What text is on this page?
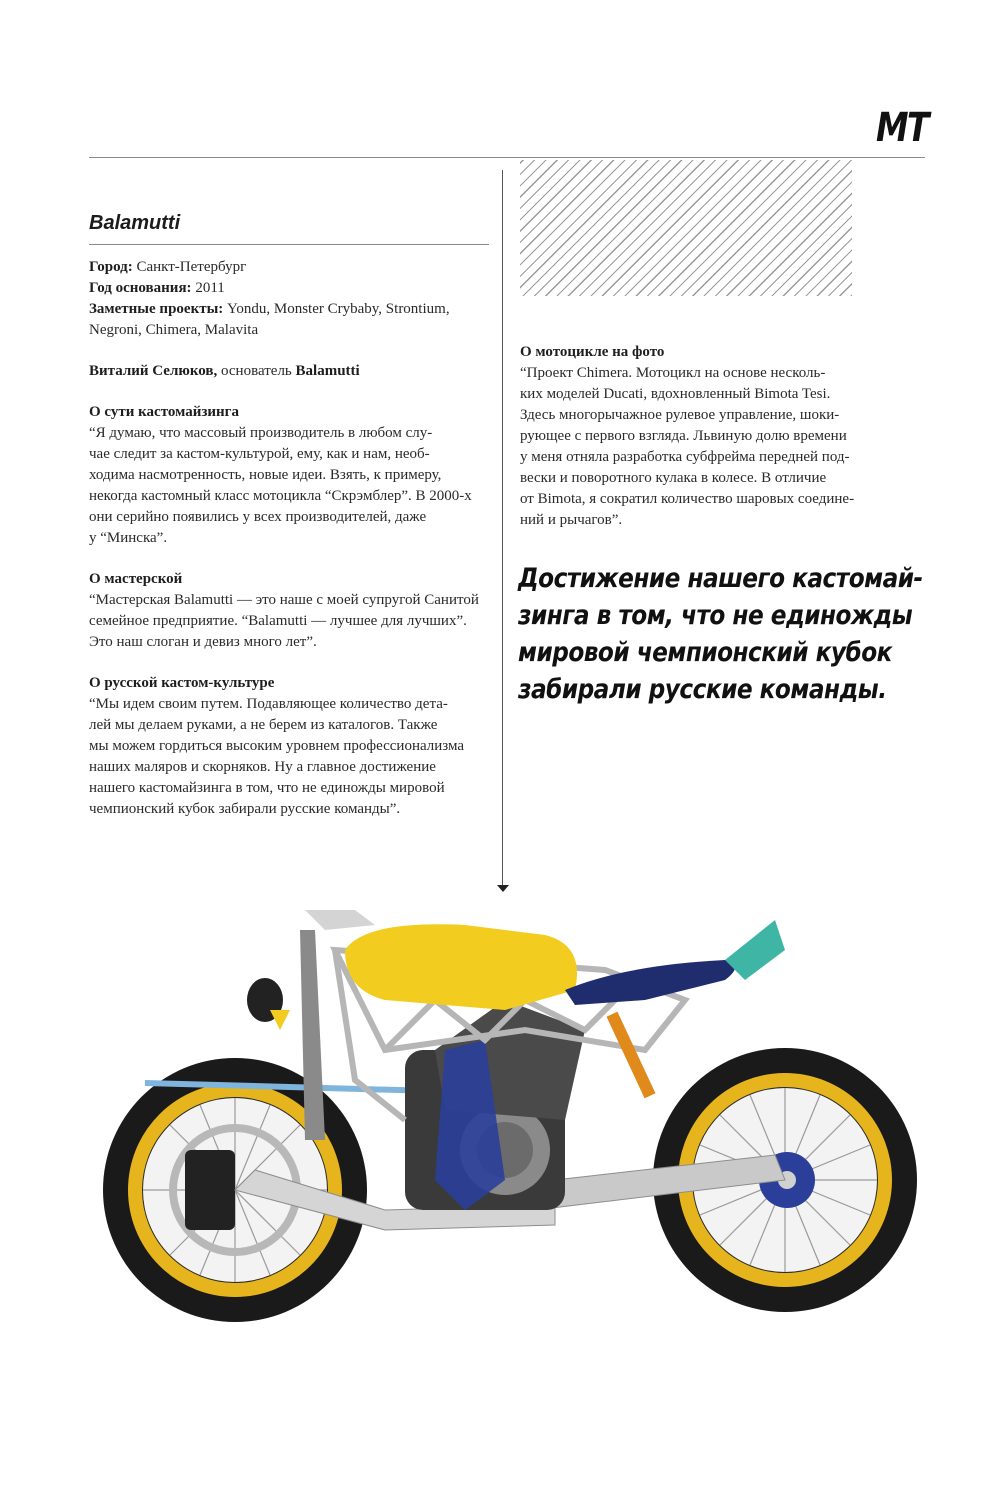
MT
Balamutti
Город: Санкт-Петербург
Год основания: 2011
Заметные проекты: Yondu, Monster Crybaby, Strontium,
Negroni, Chimera, Malavita
Виталий Селюков, основатель Balamutti
О сути кастомайзинга
“Я думаю, что массовый производитель в любом слу-
чае следит за кастом-культурой, ему, как и нам, необ-
ходима насмотренность, новые идеи. Взять, к примеру,
некогда кастомный класс мотоцикла “Скрэмблер”. В 2000-х
они серийно появились у всех производителей, даже
у “Минска”.
О мастерской
“Мастерская Balamutti — это наше с моей супругой Санитой
семейное предприятие. “Balamutti — лучшее для лучших”.
Это наш слоган и девиз много лет”.
О русской кастом-культуре
“Мы идем своим путем. Подавляющее количество дета-
лей мы делаем руками, а не берем из каталогов. Также
мы можем гордиться высоким уровнем профессионализма
наших маляров и скорняков. Ну а главное достижение
нашего кастомайзинга в том, что не единожды мировой
чемпионский кубок забирали русские команды”.
О мотоцикле на фото
“Проект Chimera. Мотоцикл на основе несколь-
ких моделей Ducati, вдохновленный Bimota Tesi.
Здесь многорычажное рулевое управление, шоки-
рующее с первого взгляда. Львиную долю времени
у меня отняла разработка субфрейма передней под-
вески и поворотного кулака в колесе. В отличие
от Bimota, я сократил количество шаровых соедине-
ний и рычагов”.
Достижение нашего кастомай-
зинга в том, что не единожды
мировой чемпионский кубок
забирали русские команды.
